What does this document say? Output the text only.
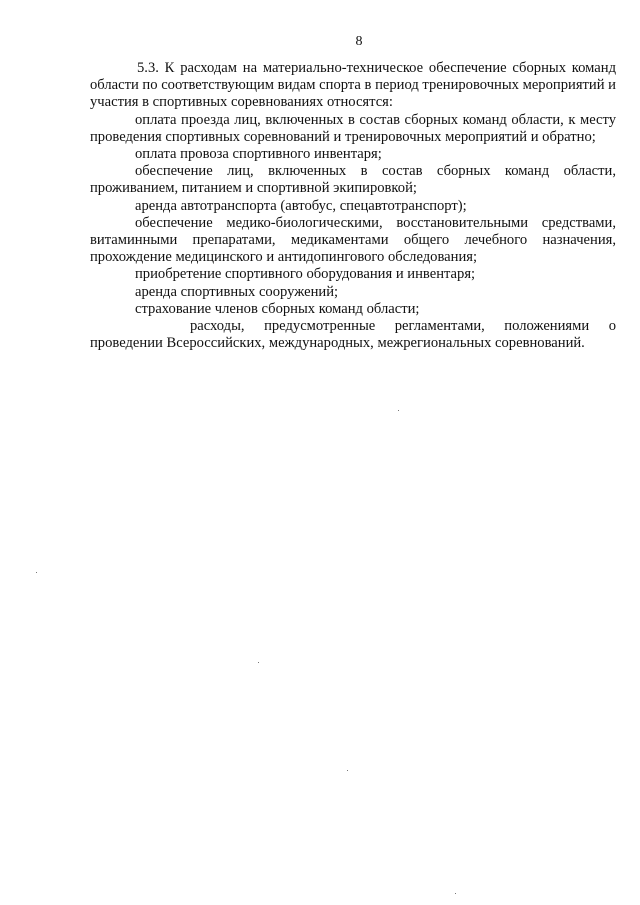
8

5.3. К расходам на материально-техническое обеспечение сборных команд области по соответствующим видам спорта в период тренировочных мероприятий и участия в спортивных соревнованиях относятся:

оплата проезда лиц, включенных в состав сборных команд области, к месту проведения спортивных соревнований и тренировочных мероприятий и обратно;

оплата провоза спортивного инвентаря;

обеспечение лиц, включенных в состав сборных команд области, проживанием, питанием и спортивной экипировкой;

аренда автотранспорта (автобус, спецавтотранспорт);

обеспечение медико-биологическими, восстановительными средствами, витаминными препаратами, медикаментами общего лечебного назначения, прохождение медицинского и антидопингового обследования;

приобретение спортивного оборудования и инвентаря;

аренда спортивных сооружений;

страхование членов сборных команд области;

расходы, предусмотренные регламентами, положениями о проведении Всероссийских, международных, межрегиональных соревнований.
